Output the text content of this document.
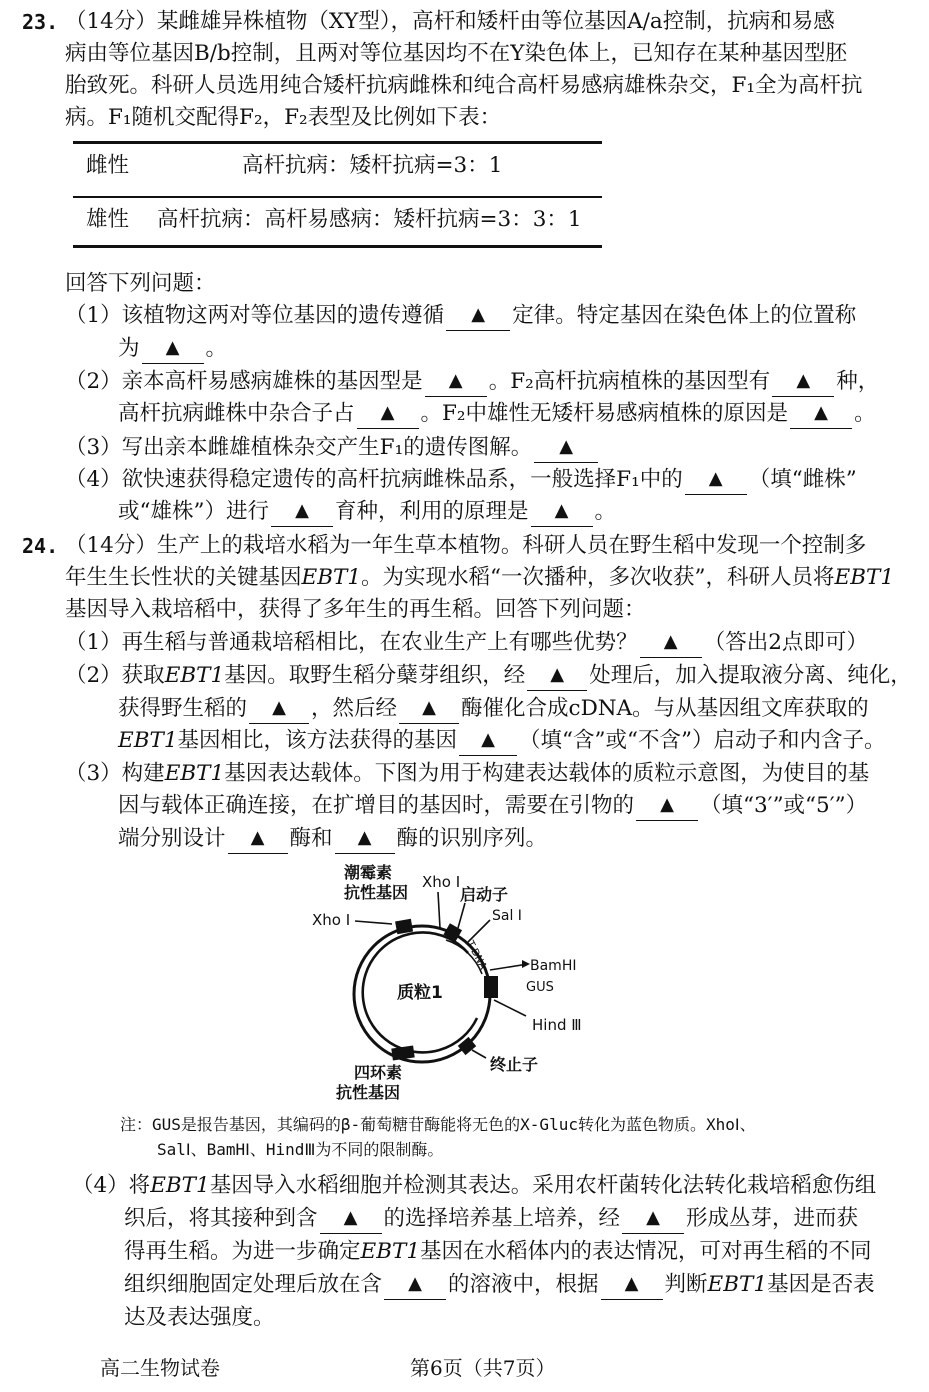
23. （14分）某雌雄异株植物（XY型），高杆和矮杆由等位基因A/a控制，抗病和易感
病由等位基因B/b控制，且两对等位基因均不在Y染色体上，已知存在某种基因型胚
胎致死。科研人员选用纯合矮杆抗病雌株和纯合高杆易感病雄株杂交，F₁全为高杆抗
病。F₁随机交配得F₂，F₂表型及比例如下表：
雌性	高杆抗病：矮杆抗病=3：1
雄性 高杆抗病：高杆易感病：矮杆抗病=3：3：1
回答下列问题：
（1）该植物这两对等位基因的遗传遵循 ▲ 定律。特定基因在染色体上的位置称
为 ▲ 。
（2）亲本高杆易感病雄株的基因型是 ▲ 。F₂高杆抗病植株的基因型有 ▲ 种，
高杆抗病雌株中杂合子占 ▲ 。F₂中雄性无矮杆易感病植株的原因是 ▲ 。
（3）写出亲本雌雄植株杂交产生F₁的遗传图解。 ▲
（4）欲快速获得稳定遗传的高杆抗病雌株品系，一般选择F₁中的 ▲ （填“雌株”
或“雄株”）进行 ▲ 育种，利用的原理是 ▲ 。
24. （14分）生产上的栽培水稻为一年生草本植物。科研人员在野生稻中发现一个控制多
年生生长性状的关键基因EBT1。为实现水稻“一次播种，多次收获”，科研人员将EBT1
基因导入栽培稻中，获得了多年生的再生稻。回答下列问题：
（1）再生稻与普通栽培稻相比，在农业生产上有哪些优势？ ▲ （答出2点即可）
（2）获取EBT1基因。取野生稻分蘖芽组织，经 ▲ 处理后，加入提取液分离、纯化，
获得野生稻的 ▲ ，然后经 ▲ 酶催化合成cDNA。与从基因组文库获取的
EBT1基因相比，该方法获得的基因 ▲ （填“含”或“不含”）启动子和内含子。
（3）构建EBT1基因表达载体。下图为用于构建表达载体的质粒示意图，为使目的基
因与载体正确连接，在扩增目的基因时，需要在引物的 ▲ （填“3′”或“5′”）
端分别设计 ▲ 酶和 ▲ 酶的识别序列。
潮霉素
抗性基因
Xho Ⅰ
启动子
Sal Ⅰ
Xho Ⅰ
T-DNA	BamHⅠ
GUS
质粒1
Hind Ⅲ
终止子
四环素
抗性基因
注：GUS是报告基因，其编码的β-葡萄糖苷酶能将无色的X-Gluc转化为蓝色物质。XhoⅠ、
SalⅠ、BamHⅠ、HindⅢ为不同的限制酶。
（4）将EBT1基因导入水稻细胞并检测其表达。采用农杆菌转化法转化栽培稻愈伤组
织后，将其接种到含 ▲ 的选择培养基上培养，经 ▲ 形成丛芽，进而获
得再生稻。为进一步确定EBT1基因在水稻体内的表达情况，可对再生稻的不同
组织细胞固定处理后放在含 ▲ 的溶液中，根据 ▲ 判断EBT1基因是否表
达及表达强度。
高二生物试卷	第6页（共7页）
